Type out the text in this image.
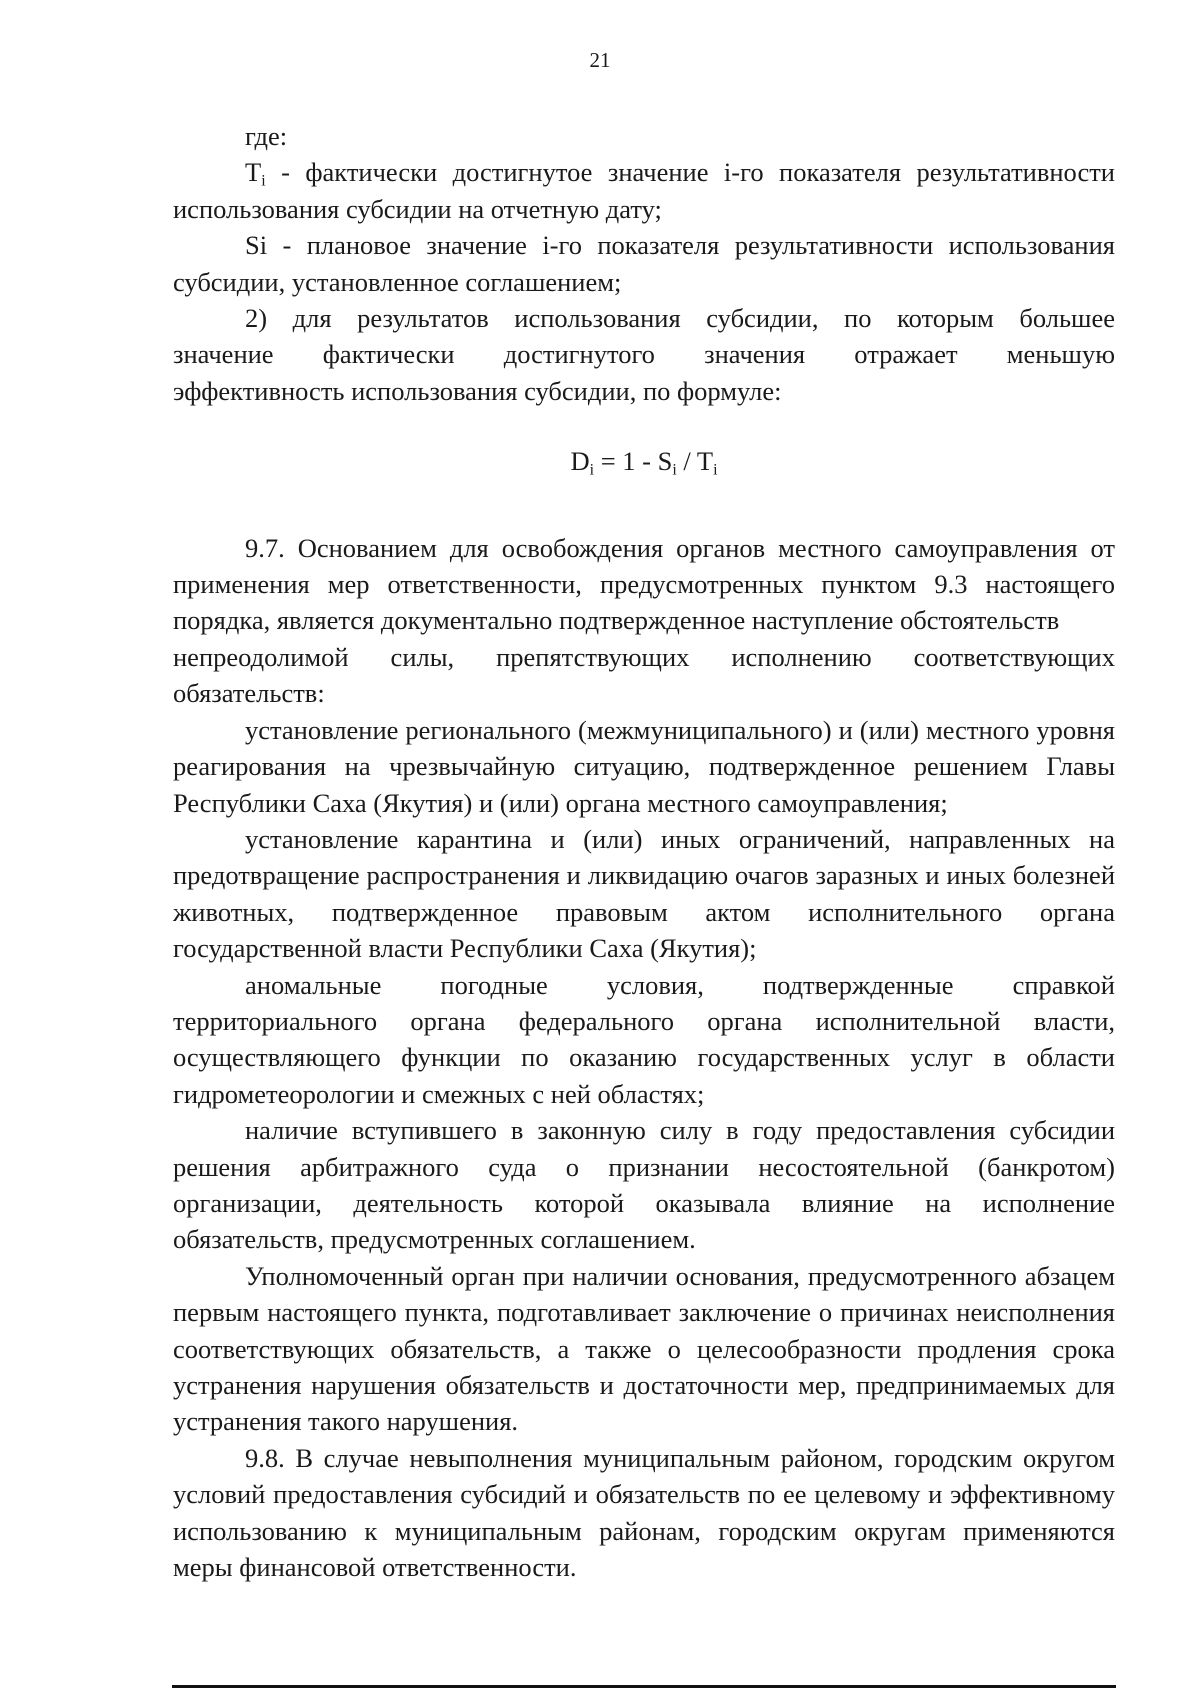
21

где:

$T_i$ - фактически достигнутое значение i-го показателя результативности использования субсидии на отчетную дату;

Si - плановое значение i-го показателя результативности использования субсидии, установленное соглашением;

2) для результатов использования субсидии, по которым большее

значение фактически достигнутого значения отражает меньшую

эффективность использования субсидии, по формуле:

$D_i = 1 - S_i / T_i$

9.7. Основанием для освобождения органов местного самоуправления от применения мер ответственности, предусмотренных пунктом 9.3 настоящего порядка, является документально подтвержденное наступление обстоятельств

непреодолимой силы, препятствующих исполнению соответствующих

обязательств:

установление регионального (межмуниципального) и (или) местного уровня реагирования на чрезвычайную ситуацию, подтвержденное решением Главы Республики Саха (Якутия) и (или) органа местного самоуправления;

установление карантина и (или) иных ограничений, направленных на предотвращение распространения и ликвидацию очагов заразных и иных болезней животных, подтвержденное правовым актом исполнительного органа государственной власти Республики Саха (Якутия);

аномальные погодные условия, подтвержденные справкой

территориального органа федерального органа исполнительной власти, осуществляющего функции по оказанию государственных услуг в области гидрометеорологии и смежных с ней областях;

наличие вступившего в законную силу в году предоставления субсидии решения арбитражного суда о признании несостоятельной (банкротом) организации, деятельность которой оказывала влияние на исполнение обязательств, предусмотренных соглашением.

Уполномоченный орган при наличии основания, предусмотренного абзацем первым настоящего пункта, подготавливает заключение о причинах неисполнения соответствующих обязательств, а также о целесообразности продления срока устранения нарушения обязательств и достаточности мер, предпринимаемых для устранения такого нарушения.

9.8. В случае невыполнения муниципальным районом, городским округом условий предоставления субсидий и обязательств по ее целевому и эффективному использованию к муниципальным районам, городским округам применяются меры финансовой ответственности.
